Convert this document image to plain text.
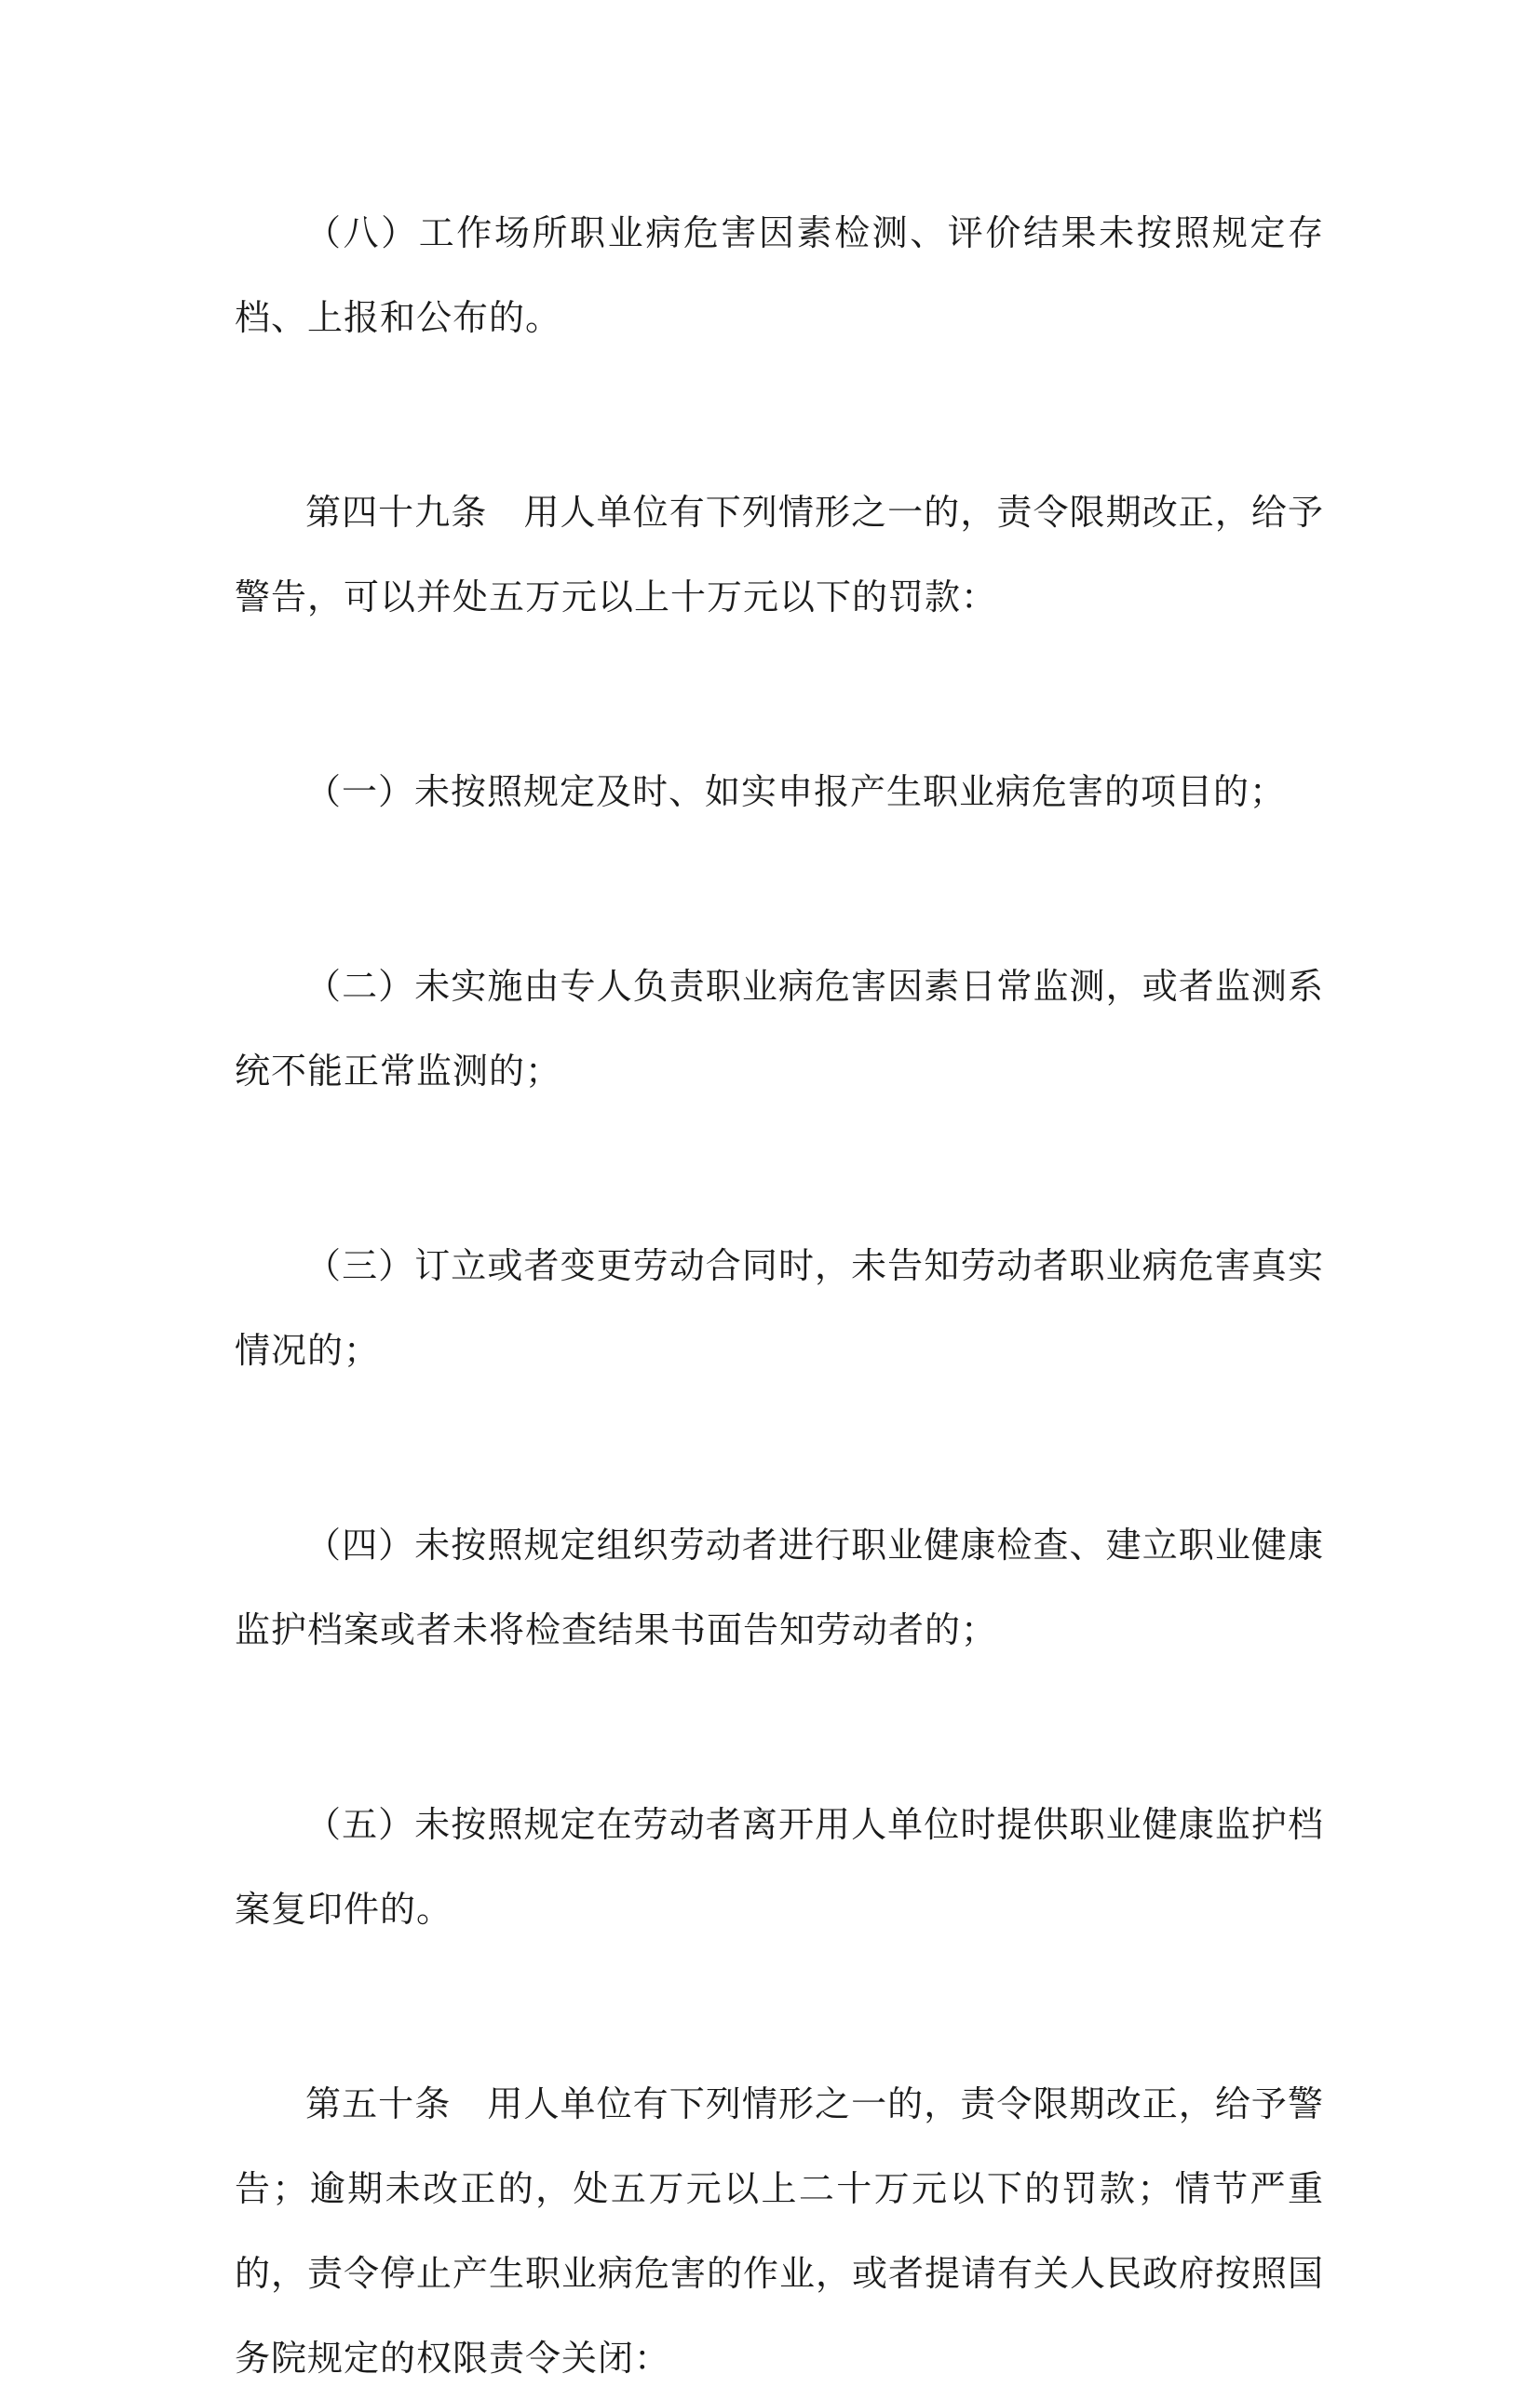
（八）工作场所职业病危害因素检测、评价结果未按照规定存档、上报和公布的。

第四十九条　用人单位有下列情形之一的，责令限期改正，给予警告，可以并处五万元以上十万元以下的罚款：

（一）未按照规定及时、如实申报产生职业病危害的项目的；

（二）未实施由专人负责职业病危害因素日常监测，或者监测系统不能正常监测的；

（三）订立或者变更劳动合同时，未告知劳动者职业病危害真实情况的；

（四）未按照规定组织劳动者进行职业健康检查、建立职业健康监护档案或者未将检查结果书面告知劳动者的；

（五）未按照规定在劳动者离开用人单位时提供职业健康监护档案复印件的。

第五十条　用人单位有下列情形之一的，责令限期改正，给予警告；逾期未改正的，处五万元以上二十万元以下的罚款；情节严重的，责令停止产生职业病危害的作业，或者提请有关人民政府按照国务院规定的权限责令关闭：
